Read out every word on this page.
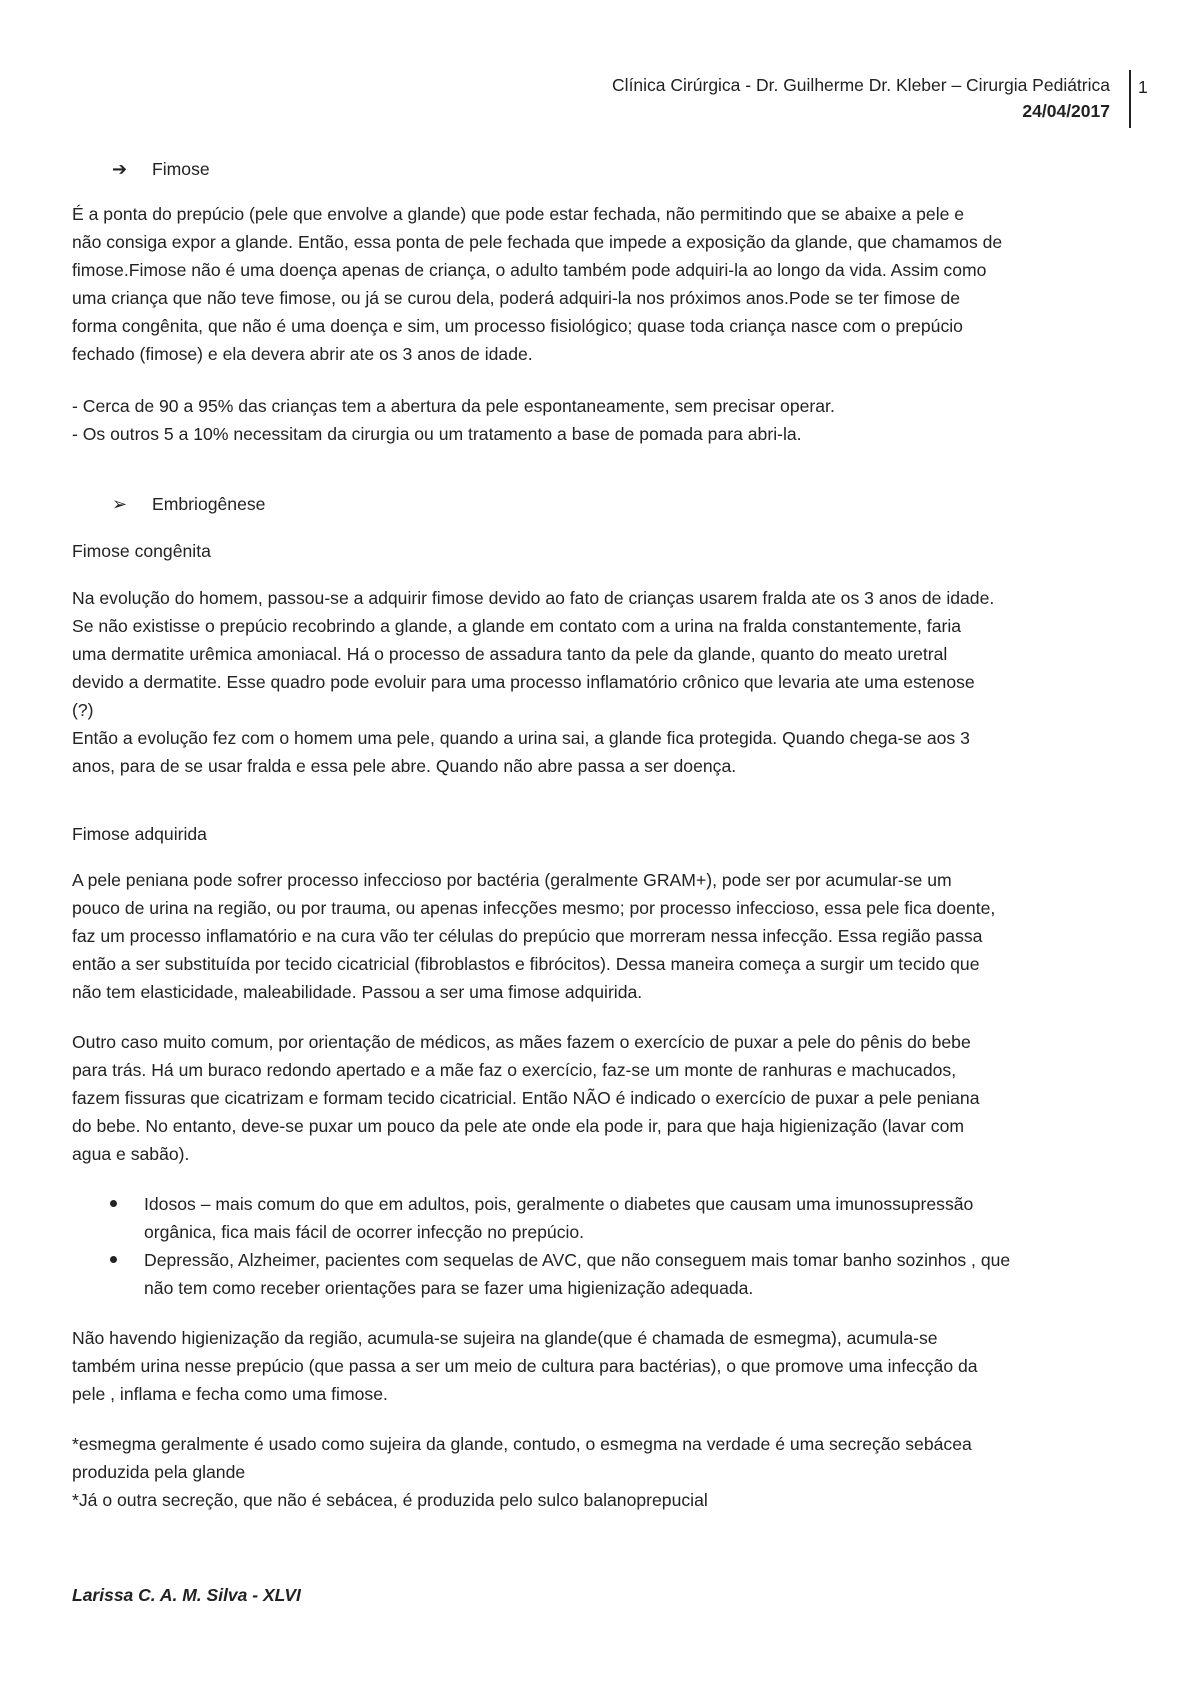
Clínica Cirúrgica - Dr. Guilherme Dr. Kleber – Cirurgia Pediátrica
24/04/2017
1
➔ Fimose
É a ponta do prepúcio (pele que envolve a glande) que pode estar fechada, não permitindo que se abaixe a pele e
não consiga expor a glande. Então, essa ponta de pele fechada que impede a exposição da glande, que chamamos de
fimose.Fimose não é uma doença apenas de criança, o adulto também pode adquiri-la ao longo da vida. Assim como
uma criança que não teve fimose, ou já se curou dela, poderá adquiri-la nos próximos anos.Pode se ter fimose de
forma congênita, que não é uma doença e sim, um processo fisiológico; quase toda criança nasce com o prepúcio
fechado (fimose) e ela devera abrir ate os 3 anos de idade.
- Cerca de 90 a 95% das crianças tem a abertura da pele espontaneamente, sem precisar operar.
- Os outros 5 a 10% necessitam da cirurgia ou um tratamento a base de pomada para abri-la.
➢ Embriogênese
Fimose congênita
Na evolução do homem, passou-se a adquirir fimose devido ao fato de crianças usarem fralda ate os 3 anos de idade.
Se não existisse o prepúcio recobrindo a glande, a glande em contato com a urina na fralda constantemente, faria
uma dermatite urêmica amoniacal. Há o processo de assadura tanto da pele da glande, quanto do meato uretral
devido a dermatite. Esse quadro pode evoluir para uma processo inflamatório crônico que levaria ate uma estenose
(?)
Então a evolução fez com o homem uma pele, quando a urina sai, a glande fica protegida. Quando chega-se aos 3
anos, para de se usar fralda e essa pele abre. Quando não abre passa a ser doença.
Fimose adquirida
A pele peniana pode sofrer processo infeccioso por bactéria (geralmente GRAM+), pode ser por acumular-se um
pouco de urina na região, ou por trauma, ou apenas infecções mesmo; por processo infeccioso, essa pele fica doente,
faz um processo inflamatório e na cura vão ter células do prepúcio que morreram nessa infecção. Essa região passa
então a ser substituída por tecido cicatricial (fibroblastos e fibrócitos). Dessa maneira começa a surgir um tecido que
não tem elasticidade, maleabilidade. Passou a ser uma fimose adquirida.
Outro caso muito comum, por orientação de médicos, as mães fazem o exercício de puxar a pele do pênis do bebe
para trás. Há um buraco redondo apertado e a mãe faz o exercício, faz-se um monte de ranhuras e machucados,
fazem fissuras que cicatrizam e formam tecido cicatricial. Então NÃO é indicado o exercício de puxar a pele peniana
do bebe. No entanto, deve-se puxar um pouco da pele ate onde ela pode ir, para que haja higienização (lavar com
agua e sabão).
Idosos – mais comum do que em adultos, pois, geralmente o diabetes que causam uma imunossupressão
orgânica, fica mais fácil de ocorrer infecção no prepúcio.
Depressão, Alzheimer, pacientes com sequelas de AVC, que não conseguem mais tomar banho sozinhos , que
não tem como receber orientações para se fazer uma higienização adequada.
Não havendo higienização da região, acumula-se sujeira na glande(que é chamada de esmegma), acumula-se
também urina nesse prepúcio (que passa a ser um meio de cultura para bactérias), o que promove uma infecção da
pele , inflama e fecha como uma fimose.
*esmegma geralmente é usado como sujeira da glande, contudo, o esmegma na verdade é uma secreção sebácea
produzida pela glande
*Já o outra secreção, que não é sebácea, é produzida pelo sulco balanoprepucial
Larissa C. A. M. Silva - XLVI
